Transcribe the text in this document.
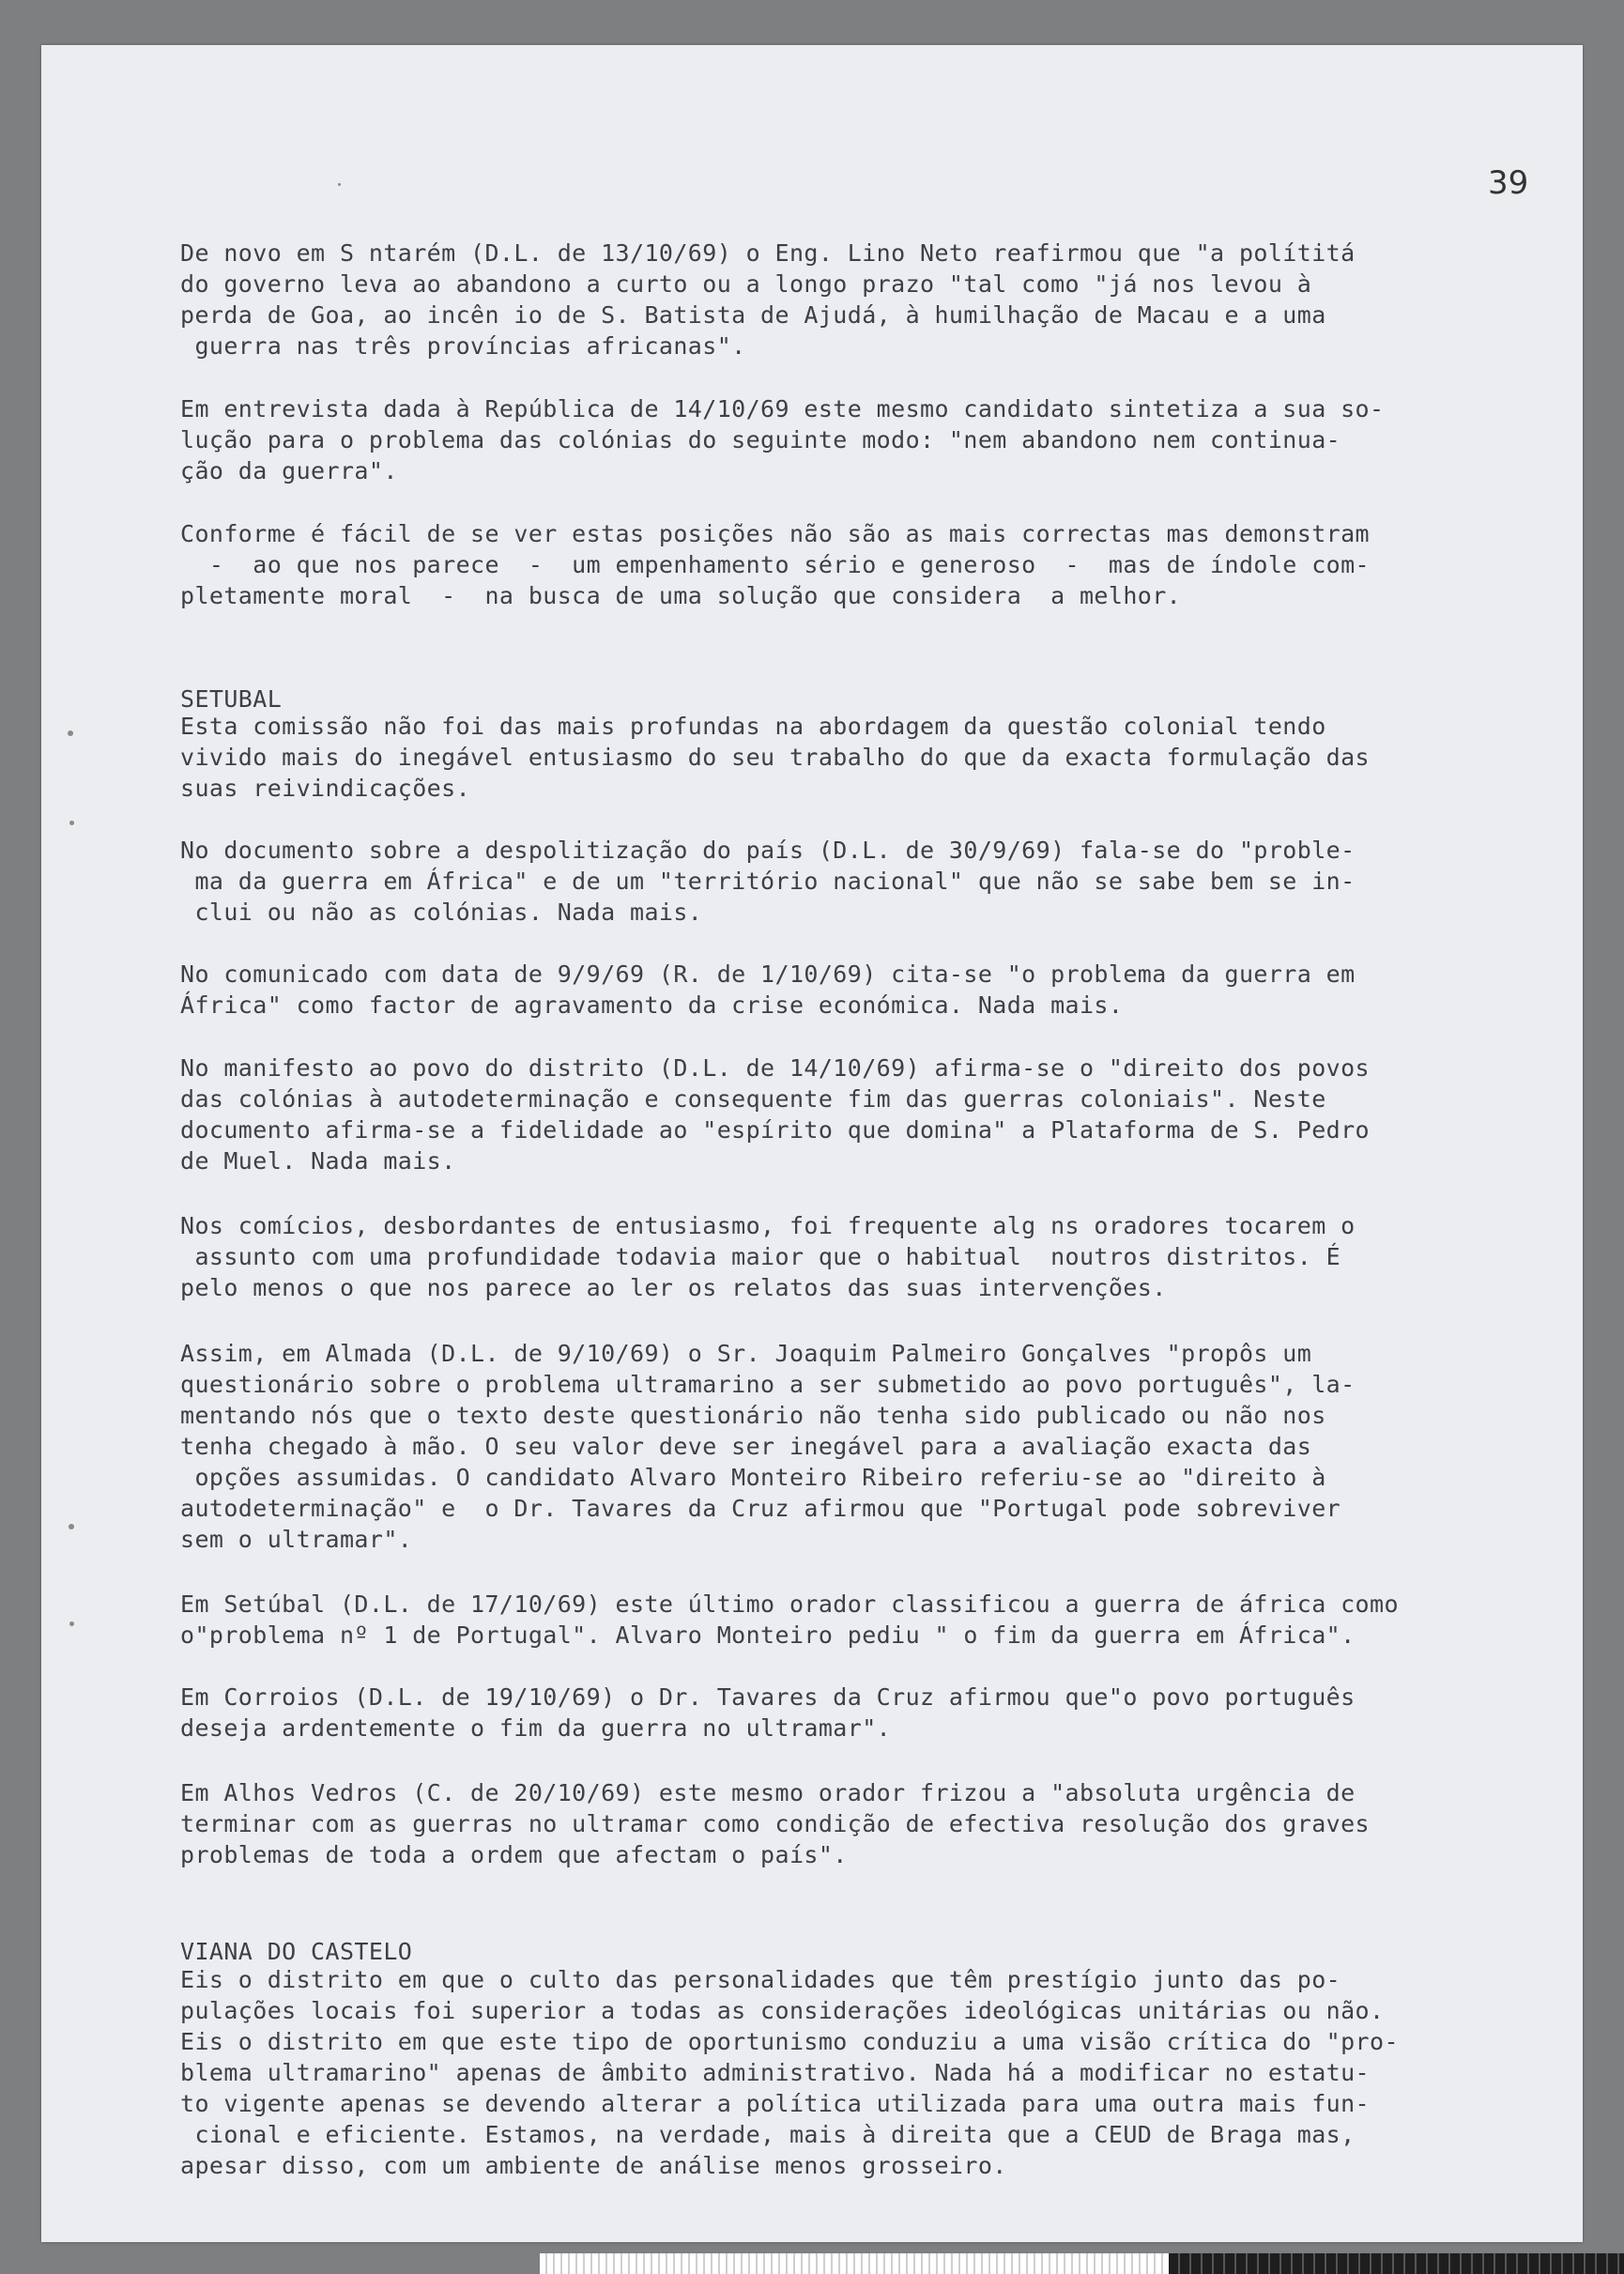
39

De novo em S ntarém (D.L. de 13/10/69) o Eng. Lino Neto reafirmou que "a polítitá
do governo leva ao abandono a curto ou a longo prazo "tal como "já nos levou à
perda de Goa, ao incên io de S. Batista de Ajudá, à humilhação de Macau e a uma
guerra nas três províncias africanas".

Em entrevista dada à República de 14/10/69 este mesmo candidato sintetiza a sua so-
lução para o problema das colónias do seguinte modo: "nem abandono nem continua-
ção da guerra".

Conforme é fácil de se ver estas posições não são as mais correctas mas demonstram
-  ao que nos parece  -  um empenhamento sério e generoso  -  mas de índole com-
pletamente moral  -  na busca de uma solução que considera  a melhor.

SETUBAL

Esta comissão não foi das mais profundas na abordagem da questão colonial tendo
vivido mais do inegável entusiasmo do seu trabalho do que da exacta formulação das
suas reivindicações.

No documento sobre a despolitização do país (D.L. de 30/9/69) fala-se do "proble-
ma da guerra em África" e de um "território nacional" que não se sabe bem se in-
clui ou não as colónias. Nada mais.

No comunicado com data de 9/9/69 (R. de 1/10/69) cita-se "o problema da guerra em
África" como factor de agravamento da crise económica. Nada mais.

No manifesto ao povo do distrito (D.L. de 14/10/69) afirma-se o "direito dos povos
das colónias à autodeterminação e consequente fim das guerras coloniais". Neste
documento afirma-se a fidelidade ao "espírito que domina" a Plataforma de S. Pedro
de Muel. Nada mais.

Nos comícios, desbordantes de entusiasmo, foi frequente alg ns oradores tocarem o
assunto com uma profundidade todavia maior que o habitual  noutros distritos. É
pelo menos o que nos parece ao ler os relatos das suas intervenções.

Assim, em Almada (D.L. de 9/10/69) o Sr. Joaquim Palmeiro Gonçalves "propôs um
questionário sobre o problema ultramarino a ser submetido ao povo português", la-
mentando nós que o texto deste questionário não tenha sido publicado ou não nos
tenha chegado à mão. O seu valor deve ser inegável para a avaliação exacta das
opções assumidas. O candidato Alvaro Monteiro Ribeiro referiu-se ao "direito à
autodeterminação" e  o Dr. Tavares da Cruz afirmou que "Portugal pode sobreviver
sem o ultramar".

Em Setúbal (D.L. de 17/10/69) este último orador classificou a guerra de áfrica como
o"problema nº 1 de Portugal". Alvaro Monteiro pediu " o fim da guerra em África".

Em Corroios (D.L. de 19/10/69) o Dr. Tavares da Cruz afirmou que"o povo português
deseja ardentemente o fim da guerra no ultramar".

Em Alhos Vedros (C. de 20/10/69) este mesmo orador frizou a "absoluta urgência de
terminar com as guerras no ultramar como condição de efectiva resolução dos graves
problemas de toda a ordem que afectam o país".

VIANA DO CASTELO

Eis o distrito em que o culto das personalidades que têm prestígio junto das po-
pulações locais foi superior a todas as considerações ideológicas unitárias ou não.
Eis o distrito em que este tipo de oportunismo conduziu a uma visão crítica do "pro-
blema ultramarino" apenas de âmbito administrativo. Nada há a modificar no estatu-
to vigente apenas se devendo alterar a política utilizada para uma outra mais fun-
cional e eficiente. Estamos, na verdade, mais à direita que a CEUD de Braga mas,
apesar disso, com um ambiente de análise menos grosseiro.
